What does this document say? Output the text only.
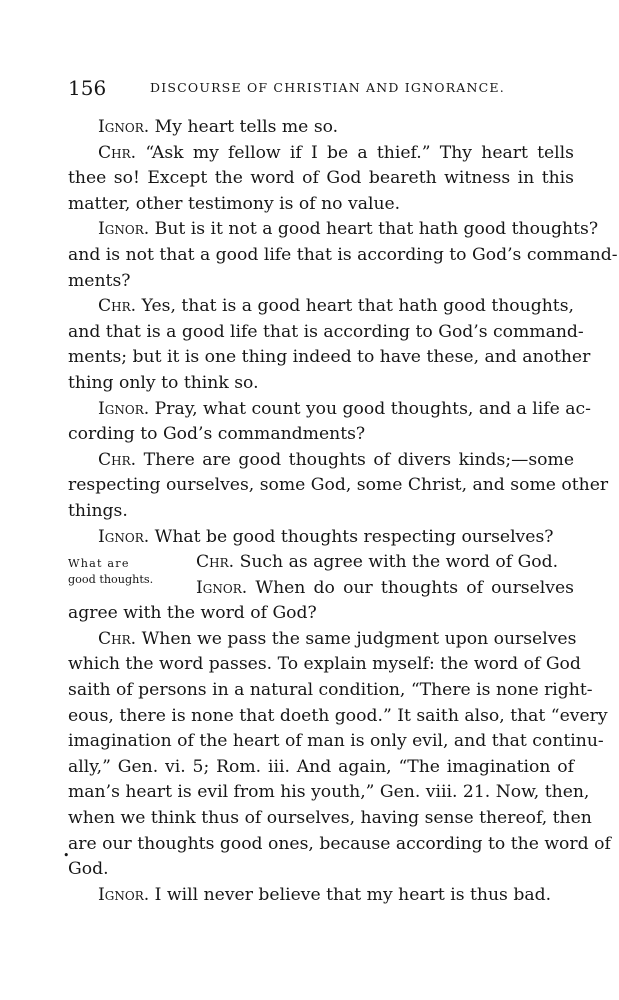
156	DISCOURSE OF CHRISTIAN AND IGNORANCE.
What are
good thoughts.
•
Ignor. My heart tells me so.
Chr. “Ask my fellow if I be a thief.” Thy heart tells
thee so! Except the word of God beareth witness in this
matter, other testimony is of no value.
Ignor. But is it not a good heart that hath good thoughts?
and is not that a good life that is according to God’s command-
ments?
Chr. Yes, that is a good heart that hath good thoughts,
and that is a good life that is according to God’s command-
ments; but it is one thing indeed to have these, and another
thing only to think so.
Ignor. Pray, what count you good thoughts, and a life ac-
cording to God’s commandments?
Chr. There are good thoughts of divers kinds;—some
respecting ourselves, some God, some Christ, and some other
things.
Ignor. What be good thoughts respecting ourselves?
Chr. Such as agree with the word of God.
Ignor. When do our thoughts of ourselves
agree with the word of God?
Chr. When we pass the same judgment upon ourselves
which the word passes. To explain myself: the word of God
saith of persons in a natural condition, “There is none right-
eous, there is none that doeth good.” It saith also, that “every
imagination of the heart of man is only evil, and that continu-
ally,” Gen. vi. 5; Rom. iii. And again, “The imagination of
man’s heart is evil from his youth,” Gen. viii. 21. Now, then,
when we think thus of ourselves, having sense thereof, then
are our thoughts good ones, because according to the word of
God.
Ignor. I will never believe that my heart is thus bad.
